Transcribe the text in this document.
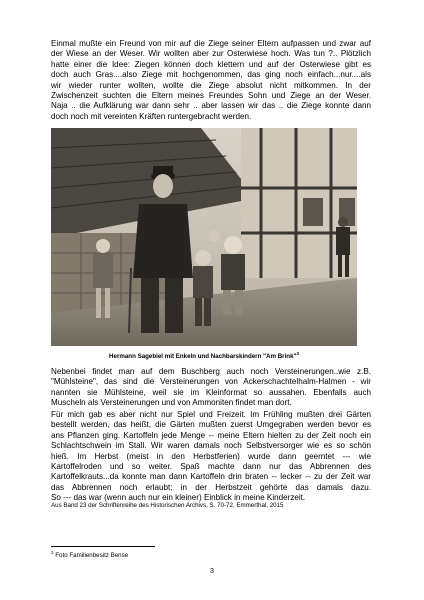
Einmal mußte ein Freund von mir auf die Ziege seiner Eltern aufpassen und zwar auf
der Wiese an der Weser. Wir wollten aber zur Osterwiese hoch. Was tun ?.. Plötzlich
hatte einer die Idee: Ziegen können doch klettern und auf der Osterwiese gibt es
doch auch Gras....also Ziege mit hochgenommen, das ging noch einfach...nur....als
wir wieder runter wollten, wollte die Ziege absolut nicht mitkommen. In der
Zwischenzeit suchten die Eltern meines Freundes Sohn und Ziege an der Weser.
Naja .. die Aufklärung war dann sehr .. aber lassen wir das .. die Ziege konnte dann
doch noch mit vereinten Kräften runtergebracht werden.
Hermann Sagebiel mit Enkeln und Nachbarskindern "Am Brink"$^3$
Nebenbei findet man auf dem Buschberg auch noch Versteinerungen..wie z.B.
"Mühlsteine", das sind die Versteinerungen von Ackerschachtelhalm-Halmen - wir
nannten sie Mühlsteine, weil sie im Kleinformat so aussahen. Ebenfalls auch
Muscheln als Versteinerungen und von Ammoniten findet man dort.
Für mich gab es aber nicht nur Spiel und Freizeit. Im Frühling mußten drei Gärten
bestellt werden, das heißt, die Gärten mußten zuerst Umgegraben werden bevor es
ans Pflanzen ging. Kartoffeln jede Menge -- meine Eltern hielten zu der Zeit noch ein
Schlachtschwein im Stall. Wir waren damals noch Selbstversorger wie es so schön
hieß. Im Herbst (meist in den Herbstferien) wurde dann geerntet --- wie
Kartoffelroden und so weiter. Spaß machte dann nur das Abbrennen des
Kartoffelkrauts...da konnte man dann Kartoffeln drin braten -- lecker -- zu der Zeit war
das Abbrennen noch erlaubt; in der Herbstzeit gehörte das damals dazu.
So --- das war (wenn auch nur ein kleiner) Einblick in meine Kinderzeit.
Aus Band 23 der Schriftenreihe des Historischen Archivs, S. 70-72, Emmerthal, 2015
$^3$ Foto Familienbesitz Bense
3
